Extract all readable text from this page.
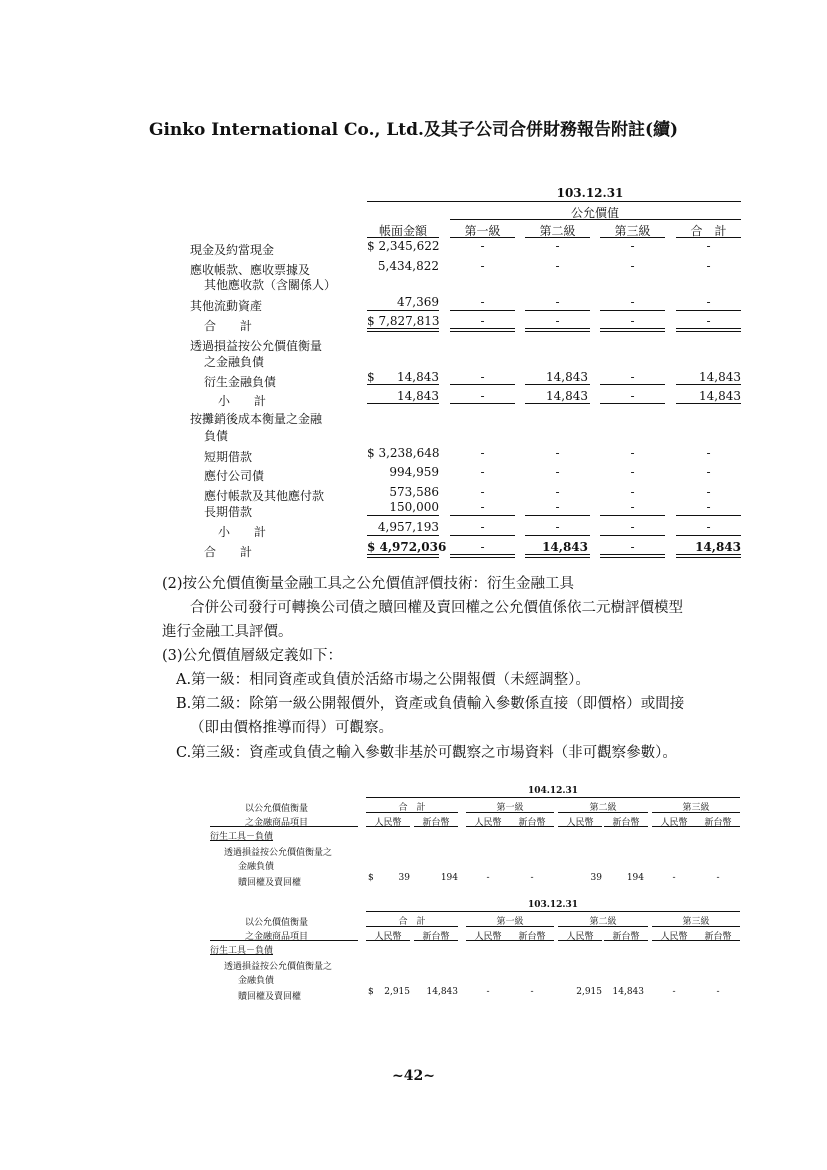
Ginko International Co., Ltd.及其子公司合併財務報告附註(續)
103.12.31
公允價值
帳面金額	第一級	第二級	第三級	合　計
現金及約當現金	$ 2,345,622	-	-	-	-
應收帳款、應收票據及
其他應收款（含關係人）
5,434,822	-	-	-	-
其他流動資產	47,369	-	-	-	-
合　　計	$ 7,827,813	-	-	-	-
透過損益按公允價值衡量
之金融負債
衍生金融負債	$	14,843	-	14,843	-	14,843
小　　計	14,843	-	14,843	-	14,843
按攤銷後成本衡量之金融
負債
短期借款	$ 3,238,648	-	-	-	-
應付公司債	994,959	-	-	-	-
應付帳款及其他應付款	573,586	-	-	-	-
長期借款	150,000	-	-	-	-
小　　計	4,957,193	-	-	-	-
合　　計	$ 4,972,036	-	14,843	-	14,843
(2)按公允價值衡量金融工具之公允價值評價技術：衍生金融工具
合併公司發行可轉換公司債之贖回權及賣回權之公允價值係依二元樹評價模型
進行金融工具評價。
(3)公允價值層級定義如下：
A.第一級：相同資產或負債於活絡市場之公開報價（未經調整）。
B.第二級：除第一級公開報價外，資產或負債輸入參數係直接（即價格）或間接
（即由價格推導而得）可觀察。
C.第三級：資產或負債之輸入參數非基於可觀察之市場資料（非可觀察參數）。
104.12.31
以公允價值衡量	合　計	第一級	第二級	第三級
之金融商品項目	人民幣	新台幣	人民幣	新台幣	人民幣	新台幣	人民幣	新台幣
衍生工具－負債
透過損益按公允價值衡量之
金融負債
贖回權及賣回權	$	39	194	-	-	39	194	-	-
103.12.31
以公允價值衡量	合　計	第一級	第二級	第三級
之金融商品項目	人民幣	新台幣	人民幣	新台幣	人民幣	新台幣	人民幣	新台幣
衍生工具－負債
透過損益按公允價值衡量之
金融負債
贖回權及賣回權	$	2,915	14,843	-	-	2,915	14,843	-	-
~42~
